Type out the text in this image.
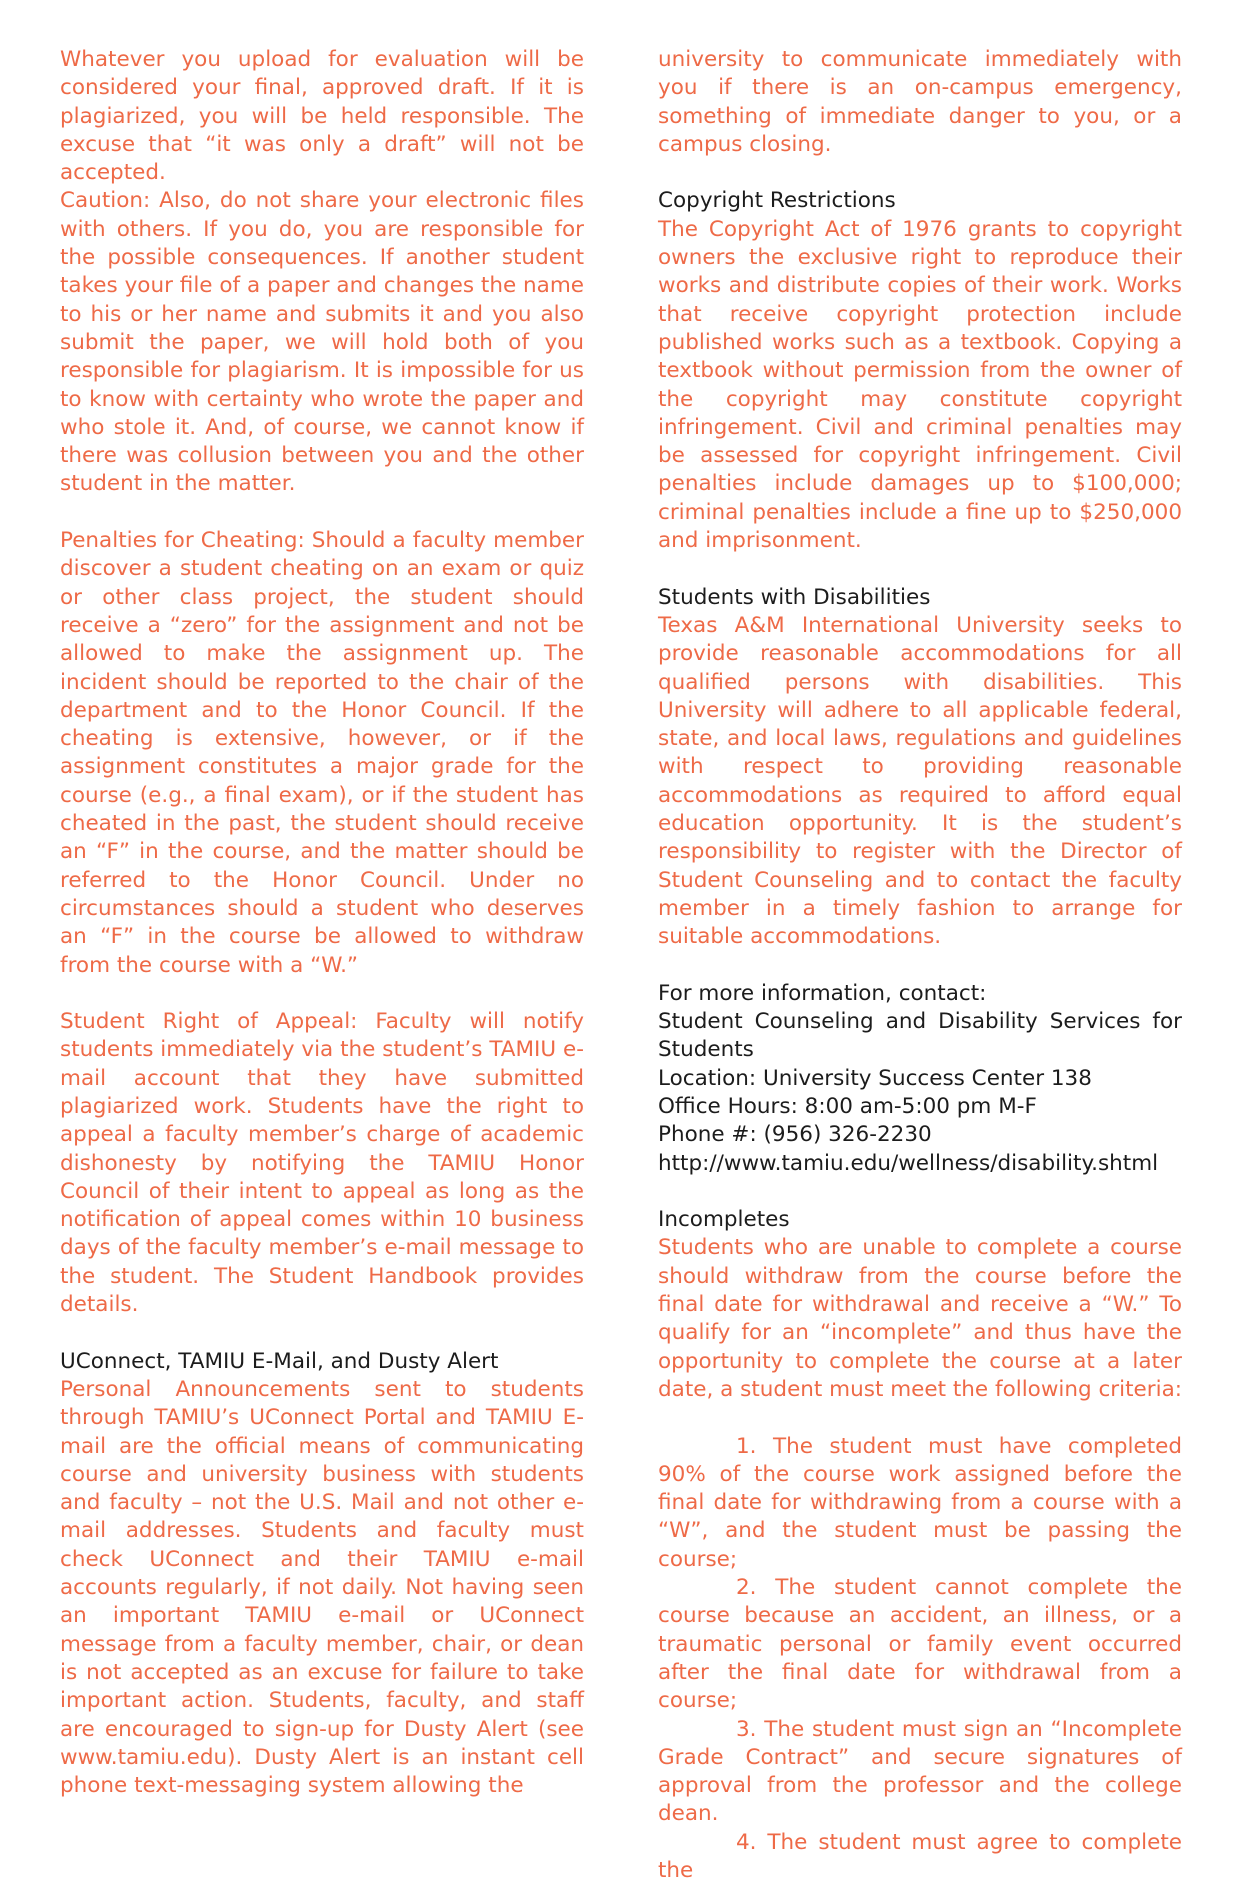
Whatever you upload for evaluation will be considered your final, approved draft. If it is plagiarized, you will be held responsible. The excuse that “it was only a draft” will not be accepted.

Caution: Also, do not share your electronic files with others. If you do, you are responsible for the possible consequences. If another student takes your file of a paper and changes the name to his or her name and submits it and you also submit the paper, we will hold both of you responsible for plagiarism. It is impossible for us to know with certainty who wrote the paper and who stole it. And, of course, we cannot know if there was collusion between you and the other student in the matter.

Penalties for Cheating: Should a faculty member discover a student cheating on an exam or quiz or other class project, the student should receive a “zero” for the assignment and not be allowed to make the assignment up. The incident should be reported to the chair of the department and to the Honor Council. If the cheating is extensive, however, or if the assignment constitutes a major grade for the course (e.g., a final exam), or if the student has cheated in the past, the student should receive an “F” in the course, and the matter should be referred to the Honor Council. Under no circumstances should a student who deserves an “F” in the course be allowed to withdraw from the course with a “W.”

Student Right of Appeal: Faculty will notify students immediately via the student’s TAMIU e-mail account that they have submitted plagiarized work. Students have the right to appeal a faculty member’s charge of academic dishonesty by notifying the TAMIU Honor Council of their intent to appeal as long as the notification of appeal comes within 10 business days of the faculty member’s e-mail message to the student. The Student Handbook provides details.

UConnect, TAMIU E-Mail, and Dusty Alert

Personal Announcements sent to students through TAMIU’s UConnect Portal and TAMIU E-mail are the official means of communicating course and university business with students and faculty – not the U.S. Mail and not other e-mail addresses. Students and faculty must check UConnect and their TAMIU e-mail accounts regularly, if not daily. Not having seen an important TAMIU e-mail or UConnect message from a faculty member, chair, or dean is not accepted as an excuse for failure to take important action. Students, faculty, and staff are encouraged to sign-up for Dusty Alert (see www.tamiu.edu). Dusty Alert is an instant cell phone text-messaging system allowing the

university to communicate immediately with you if there is an on-campus emergency, something of immediate danger to you, or a campus closing.

Copyright Restrictions

The Copyright Act of 1976 grants to copyright owners the exclusive right to reproduce their works and distribute copies of their work. Works that receive copyright protection include published works such as a textbook. Copying a textbook without permission from the owner of the copyright may constitute copyright infringement. Civil and criminal penalties may be assessed for copyright infringement. Civil penalties include damages up to $100,000; criminal penalties include a fine up to $250,000 and imprisonment.

Students with Disabilities

Texas A&M International University seeks to provide reasonable accommodations for all qualified persons with disabilities. This University will adhere to all applicable federal, state, and local laws, regulations and guidelines with respect to providing reasonable accommodations as required to afford equal education opportunity. It is the student’s responsibility to register with the Director of Student Counseling and to contact the faculty member in a timely fashion to arrange for suitable accommodations.

For more information, contact:

Student Counseling and Disability Services for Students

Location: University Success Center 138

Office Hours: 8:00 am-5:00 pm M-F

Phone #: (956) 326-2230

http://www.tamiu.edu/wellness/disability.shtml

Incompletes

Students who are unable to complete a course should withdraw from the course before the final date for withdrawal and receive a “W.” To qualify for an “incomplete” and thus have the opportunity to complete the course at a later date, a student must meet the following criteria:

1. The student must have completed 90% of the course work assigned before the final date for withdrawing from a course with a “W”, and the student must be passing the course;

2. The student cannot complete the course because an accident, an illness, or a traumatic personal or family event occurred after the final date for withdrawal from a course;

3. The student must sign an “Incomplete Grade Contract” and secure signatures of approval from the professor and the college dean.

4. The student must agree to complete the
